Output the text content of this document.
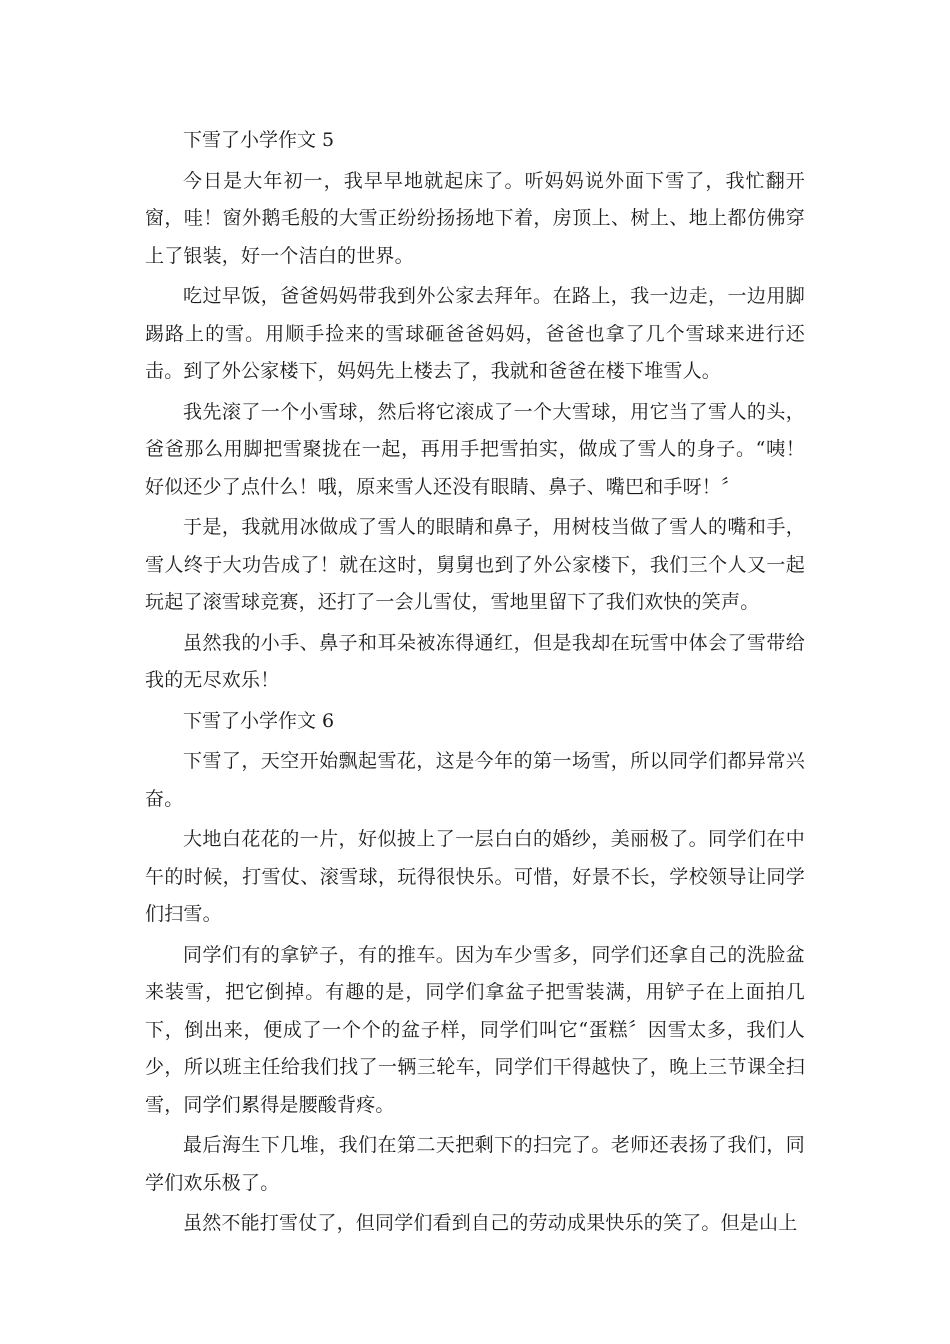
下雪了小学作文 5

今日是大年初一，我早早地就起床了。听妈妈说外面下雪了，我忙翻开窗，哇！窗外鹅毛般的大雪正纷纷扬扬地下着，房顶上、树上、地上都仿佛穿上了银装，好一个洁白的世界。

吃过早饭，爸爸妈妈带我到外公家去拜年。在路上，我一边走，一边用脚踢路上的雪。用顺手捡来的雪球砸爸爸妈妈，爸爸也拿了几个雪球来进行还击。到了外公家楼下，妈妈先上楼去了，我就和爸爸在楼下堆雪人。

我先滚了一个小雪球，然后将它滚成了一个大雪球，用它当了雪人的头，爸爸那么用脚把雪聚拢在一起，再用手把雪拍实，做成了雪人的身子。“咦！好似还少了点什么！哦，原来雪人还没有眼睛、鼻子、嘴巴和手呀！〞

于是，我就用冰做成了雪人的眼睛和鼻子，用树枝当做了雪人的嘴和手，雪人终于大功告成了！就在这时，舅舅也到了外公家楼下，我们三个人又一起玩起了滚雪球竞赛，还打了一会儿雪仗，雪地里留下了我们欢快的笑声。

虽然我的小手、鼻子和耳朵被冻得通红，但是我却在玩雪中体会了雪带给我的无尽欢乐！

下雪了小学作文 6

下雪了，天空开始飘起雪花，这是今年的第一场雪，所以同学们都异常兴奋。

大地白花花的一片，好似披上了一层白白的婚纱，美丽极了。同学们在中午的时候，打雪仗、滚雪球，玩得很快乐。可惜，好景不长，学校领导让同学们扫雪。

同学们有的拿铲子，有的推车。因为车少雪多，同学们还拿自己的洗脸盆来装雪，把它倒掉。有趣的是，同学们拿盆子把雪装满，用铲子在上面拍几下，倒出来，便成了一个个的盆子样，同学们叫它“蛋糕〞因雪太多，我们人少，所以班主任给我们找了一辆三轮车，同学们干得越快了，晚上三节课全扫雪，同学们累得是腰酸背疼。

最后海生下几堆，我们在第二天把剩下的扫完了。老师还表扬了我们，同学们欢乐极了。

虽然不能打雪仗了，但同学们看到自己的劳动成果快乐的笑了。但是山上
